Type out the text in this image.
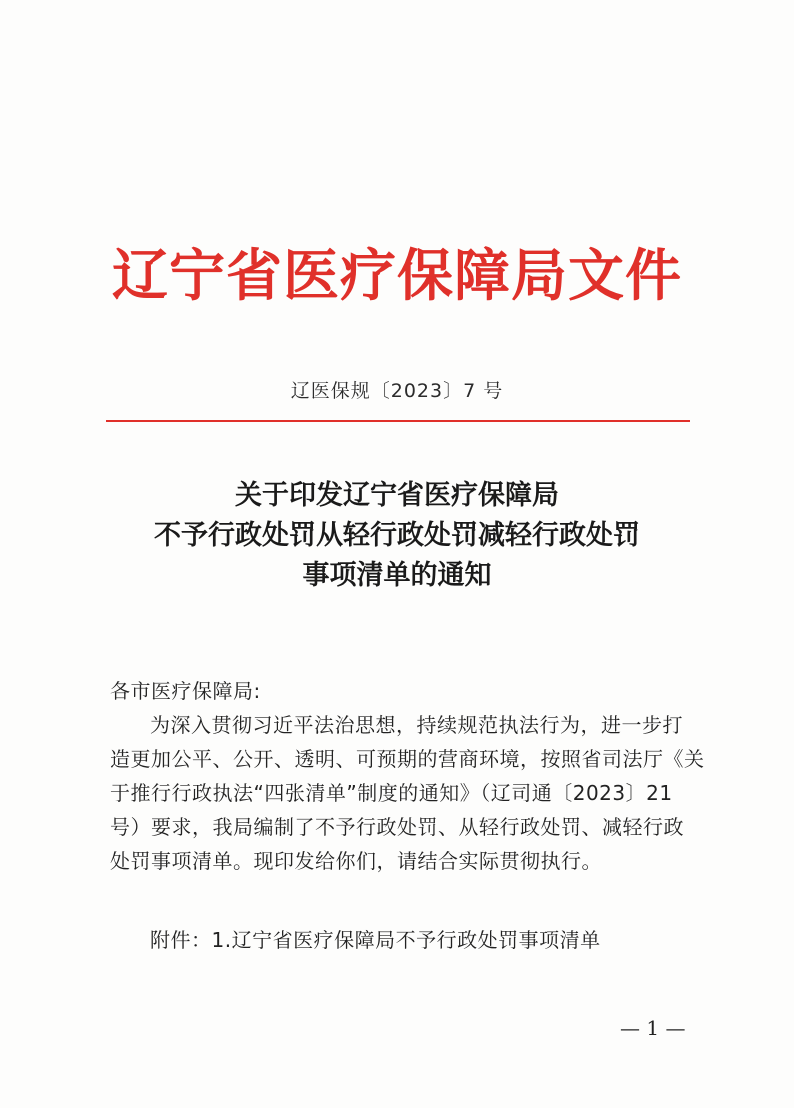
辽宁省医疗保障局文件
辽医保规〔2023〕7 号
关于印发辽宁省医疗保障局
不予行政处罚从轻行政处罚减轻行政处罚
事项清单的通知
各市医疗保障局:
为深入贯彻习近平法治思想，持续规范执法行为，进一步打
造更加公平、公开、透明、可预期的营商环境，按照省司法厅《关
于推行行政执法“四张清单”制度的通知》（辽司通〔2023〕21
号）要求，我局编制了不予行政处罚、从轻行政处罚、减轻行政
处罚事项清单。现印发给你们，请结合实际贯彻执行。
附件：1.辽宁省医疗保障局不予行政处罚事项清单
— 1 —
